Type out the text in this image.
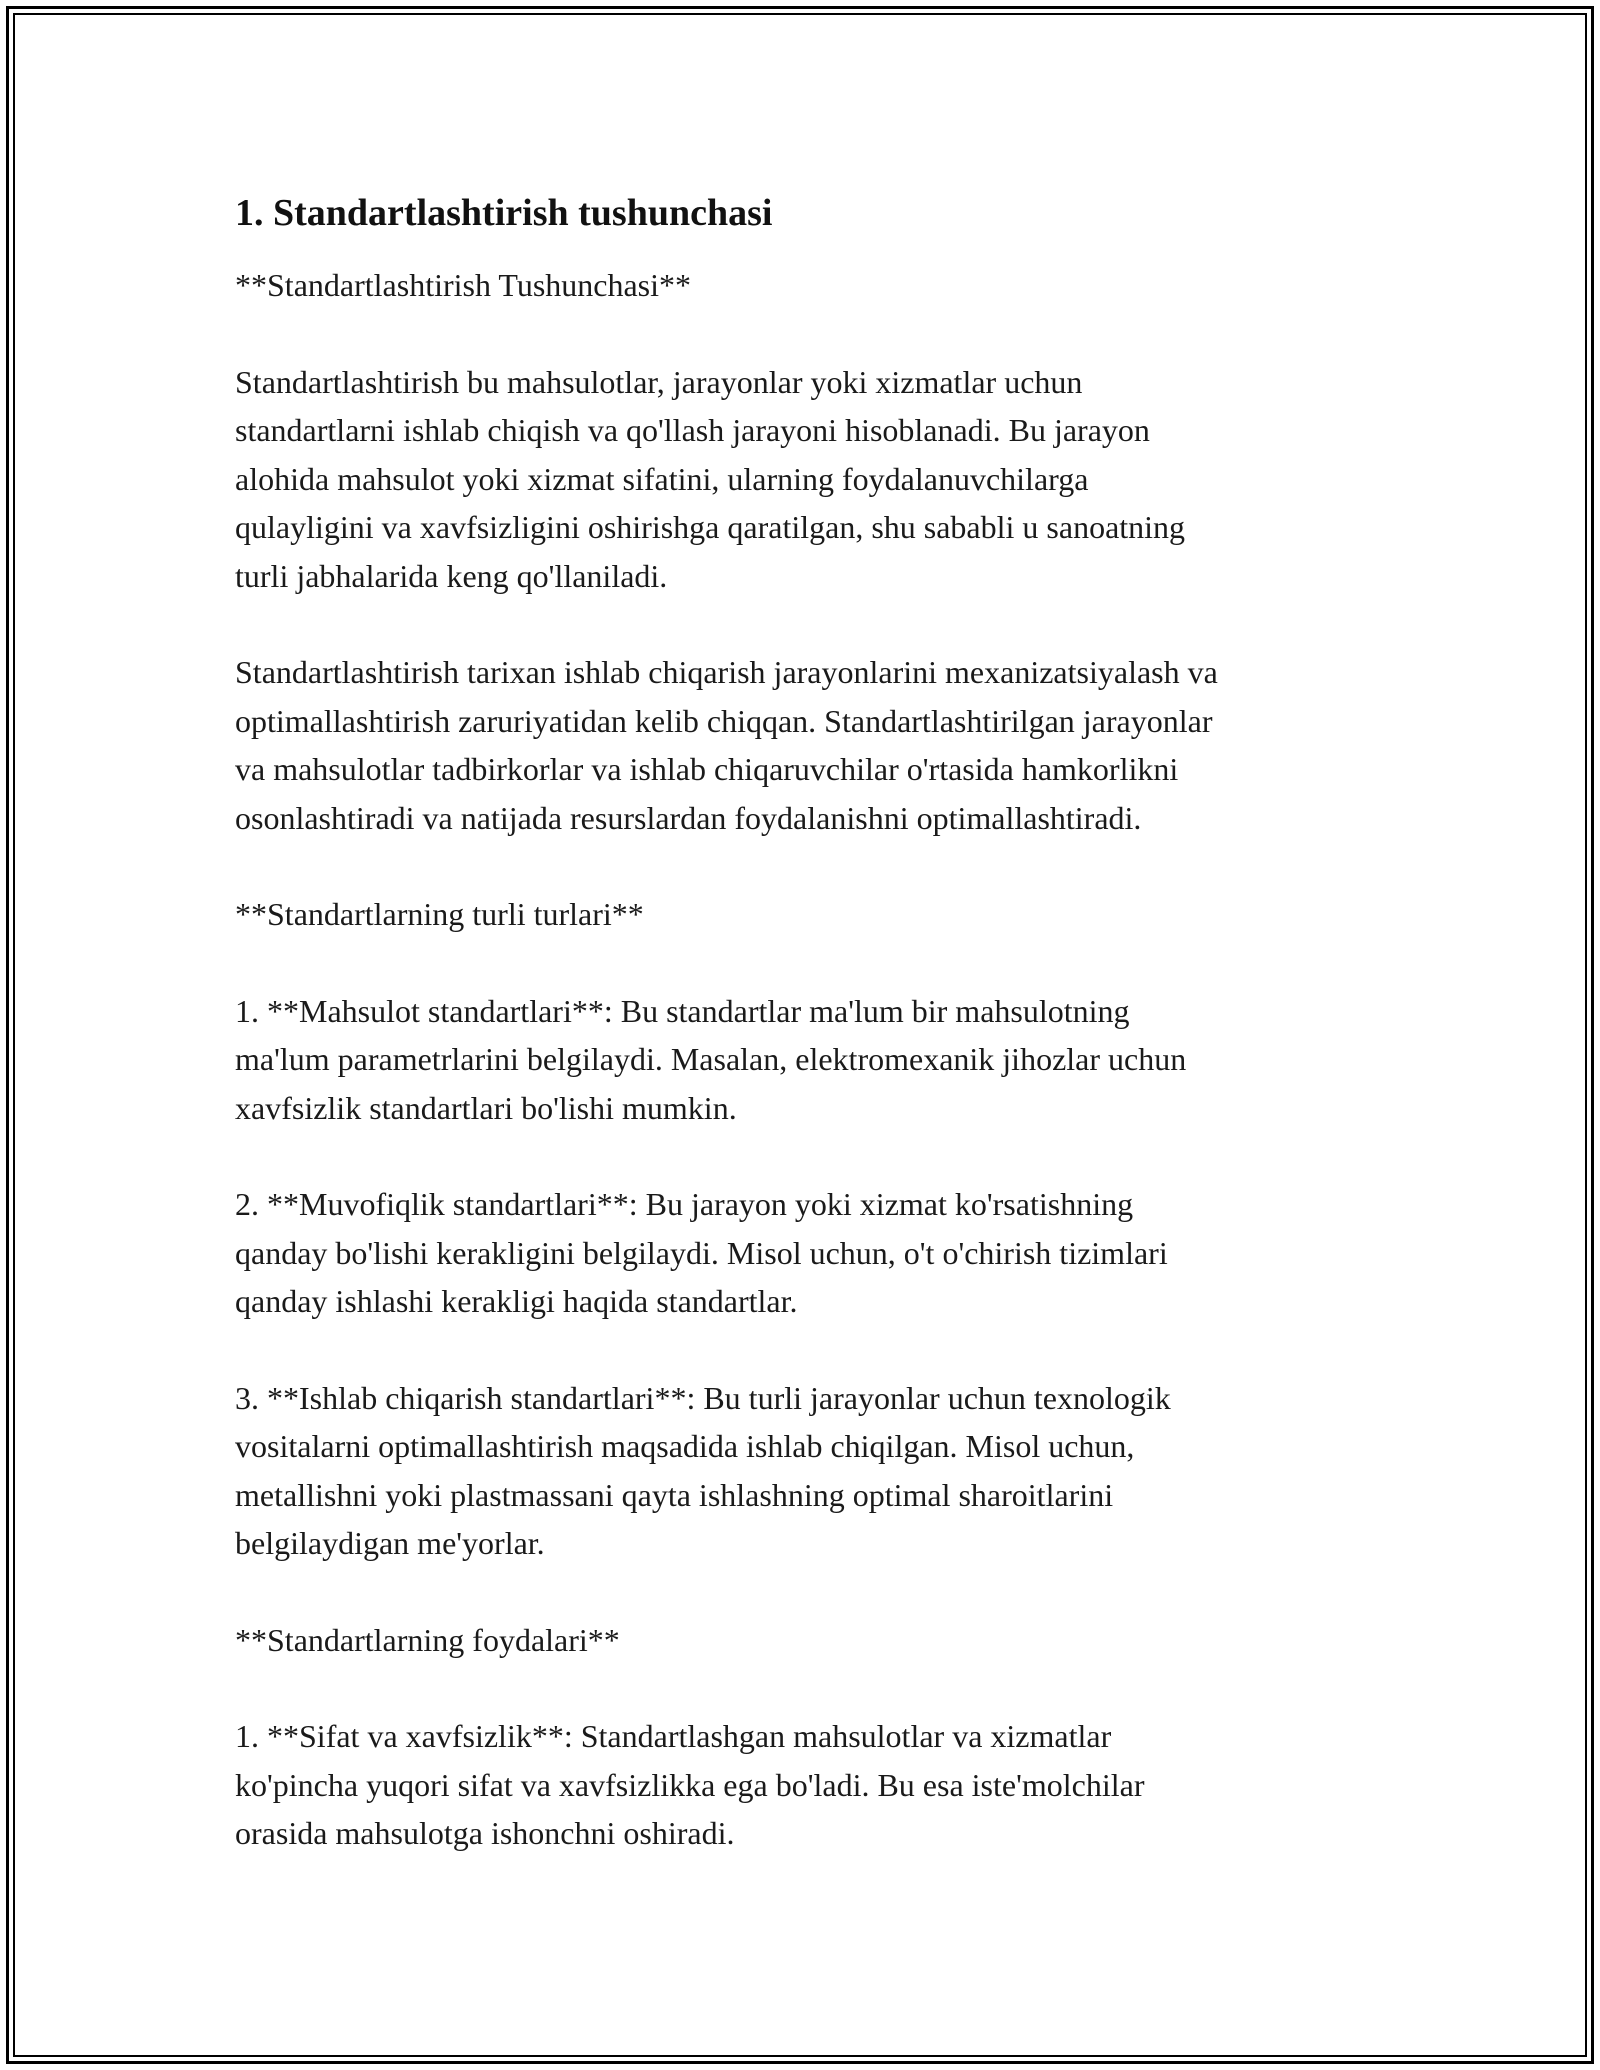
1. Standartlashtirish tushunchasi

**Standartlashtirish Tushunchasi**

Standartlashtirish bu mahsulotlar, jarayonlar yoki xizmatlar uchun
standartlarni ishlab chiqish va qo'llash jarayoni hisoblanadi. Bu jarayon
alohida mahsulot yoki xizmat sifatini, ularning foydalanuvchilarga
qulayligini va xavfsizligini oshirishga qaratilgan, shu sababli u sanoatning
turli jabhalarida keng qo'llaniladi.

Standartlashtirish tarixan ishlab chiqarish jarayonlarini mexanizatsiyalash va
optimallashtirish zaruriyatidan kelib chiqqan. Standartlashtirilgan jarayonlar
va mahsulotlar tadbirkorlar va ishlab chiqaruvchilar o'rtasida hamkorlikni
osonlashtiradi va natijada resurslardan foydalanishni optimallashtiradi.

**Standartlarning turli turlari**

1. **Mahsulot standartlari**: Bu standartlar ma'lum bir mahsulotning
ma'lum parametrlarini belgilaydi. Masalan, elektromexanik jihozlar uchun
xavfsizlik standartlari bo'lishi mumkin.

2. **Muvofiqlik standartlari**: Bu jarayon yoki xizmat ko'rsatishning
qanday bo'lishi kerakligini belgilaydi. Misol uchun, o't o'chirish tizimlari
qanday ishlashi kerakligi haqida standartlar.

3. **Ishlab chiqarish standartlari**: Bu turli jarayonlar uchun texnologik
vositalarni optimallashtirish maqsadida ishlab chiqilgan. Misol uchun,
metallishni yoki plastmassani qayta ishlashning optimal sharoitlarini
belgilaydigan me'yorlar.

**Standartlarning foydalari**

1. **Sifat va xavfsizlik**: Standartlashgan mahsulotlar va xizmatlar
ko'pincha yuqori sifat va xavfsizlikka ega bo'ladi. Bu esa iste'molchilar
orasida mahsulotga ishonchni oshiradi.
